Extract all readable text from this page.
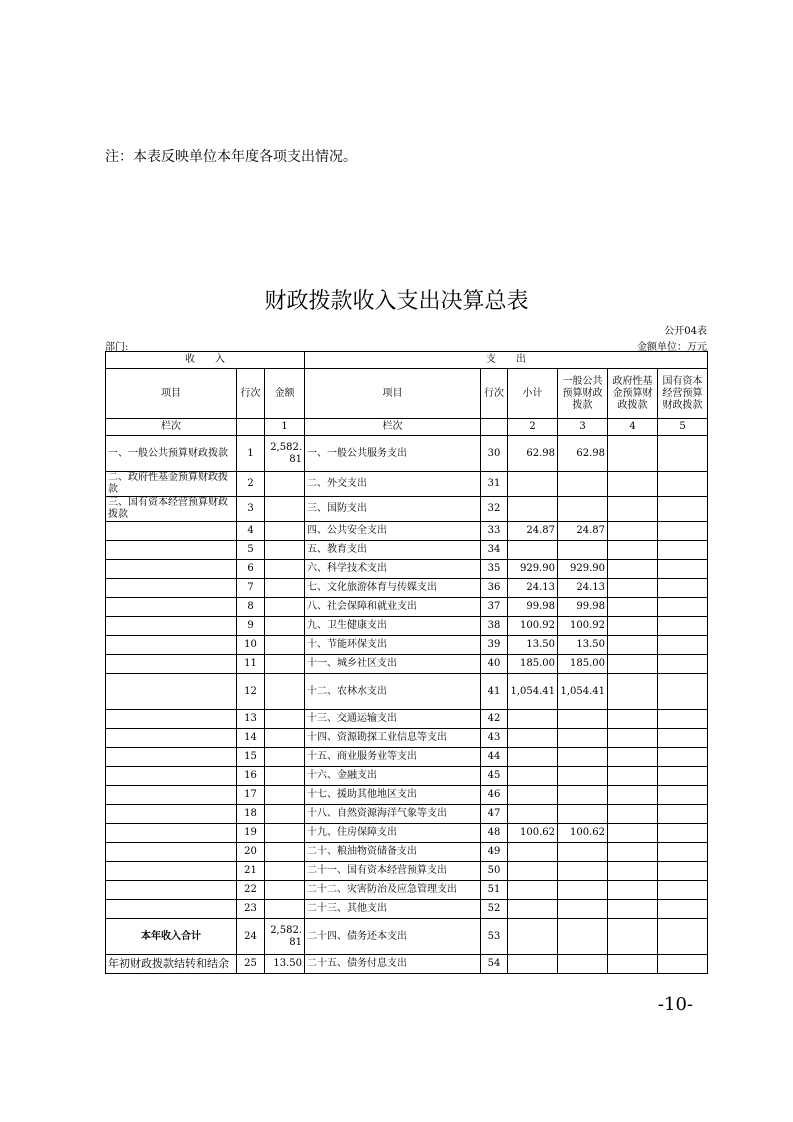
注：本表反映单位本年度各项支出情况。
财政拨款收入支出决算总表
公开04表
部门:	金额单位：万元
收　　入			支　　出					
项目	行次	金额	项目	行次	小计	一般公共预算财政拨款	政府性基金预算财政拨款	国有资本经营预算财政拨款
栏次		1	栏次		2	3	4	5
一、一般公共预算财政拨款	1	2,582.81	一、一般公共服务支出	30	62.98	62.98		
二、政府性基金预算财政拨款	2		二、外交支出	31				
三、国有资本经营预算财政拨款	3		三、国防支出	32				
	4		四、公共安全支出	33	24.87	24.87		
	5		五、教育支出	34				
	6		六、科学技术支出	35	929.90	929.90		
	7		七、文化旅游体育与传媒支出	36	24.13	24.13		
	8		八、社会保障和就业支出	37	99.98	99.98		
	9		九、卫生健康支出	38	100.92	100.92		
	10		十、节能环保支出	39	13.50	13.50		
	11		十一、城乡社区支出	40	185.00	185.00		
	12		十二、农林水支出	41	1,054.41	1,054.41		
	13		十三、交通运输支出	42				
	14		十四、资源勘探工业信息等支出	43				
	15		十五、商业服务业等支出	44				
	16		十六、金融支出	45				
	17		十七、援助其他地区支出	46				
	18		十八、自然资源海洋气象等支出	47				
	19		十九、住房保障支出	48	100.62	100.62		
	20		二十、粮油物资储备支出	49				
	21		二十一、国有资本经营预算支出	50				
	22		二十二、灾害防治及应急管理支出	51				
	23		二十三、其他支出	52				
本年收入合计	24	2,582.81	二十四、债务还本支出	53				
年初财政拨款结转和结余	25	13.50	二十五、债务付息支出	54				
-10-
